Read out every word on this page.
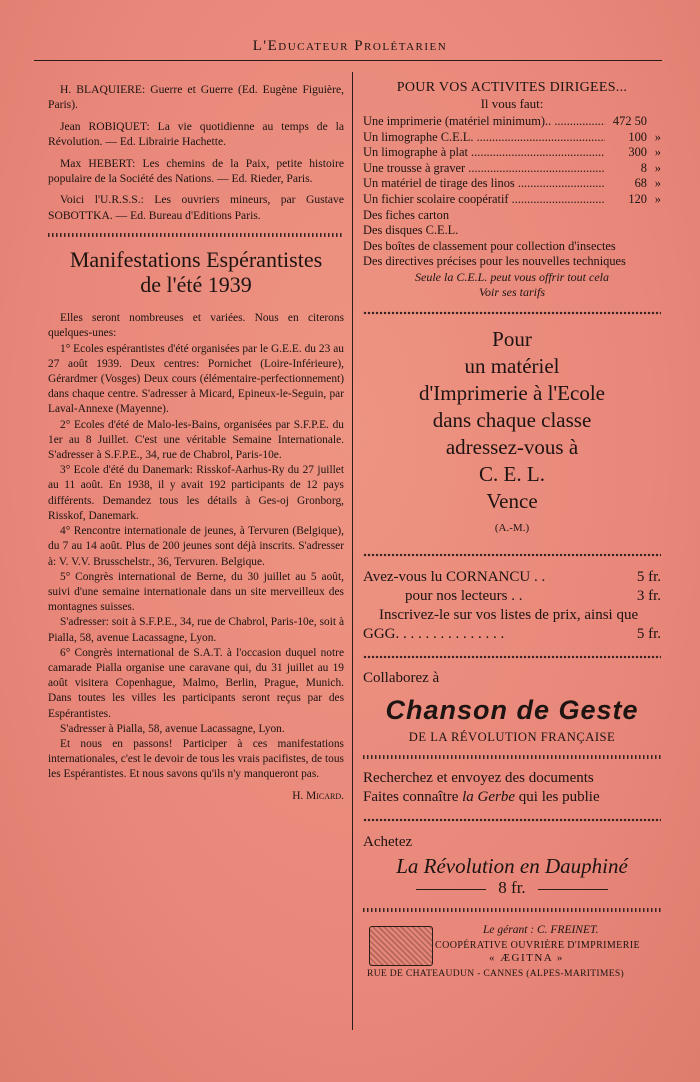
L'Educateur Prolétarien

H. BLAQUIERE: Guerre et Guerre (Ed. Eugène Figuière, Paris).

Jean ROBIQUET: La vie quotidienne au temps de la Révolution. — Ed. Librairie Hachette.

Max HEBERT: Les chemins de la Paix, petite histoire populaire de la Société des Nations. — Ed. Rieder, Paris.

Voici l'U.R.S.S.: Les ouvriers mineurs, par Gustave SOBOTTKA. — Ed. Bureau d'Editions Paris.

Manifestations Espérantistes
de l'été 1939

Elles seront nombreuses et variées. Nous en citerons quelques-unes:

1° Ecoles espérantistes d'été organisées par le G.E.E. du 23 au 27 août 1939. Deux centres: Pornichet (Loire-Inférieure), Gérardmer (Vosges) Deux cours (élémentaire-perfectionnement) dans chaque centre. S'adresser à Micard, Epineux-le-Seguin, par Laval-Annexe (Mayenne).

2° Ecoles d'été de Malo-les-Bains, organisées par S.F.P.E. du 1er au 8 Juillet. C'est une véritable Semaine Internationale. S'adresser à S.F.P.E., 34, rue de Chabrol, Paris-10e.

3° Ecole d'été du Danemark: Risskof-Aarhus-Ry du 27 juillet au 11 août. En 1938, il y avait 192 participants de 12 pays différents. Demandez tous les détails à Ges-oj Gronborg, Risskof, Danemark.

4° Rencontre internationale de jeunes, à Tervuren (Belgique), du 7 au 14 août. Plus de 200 jeunes sont déjà inscrits. S'adresser à: V. V.V. Brusschelstr., 36, Tervuren. Belgique.

5° Congrès international de Berne, du 30 juillet au 5 août, suivi d'une semaine internationale dans un site merveilleux des montagnes suisses.

S'adresser: soit à S.F.P.E., 34, rue de Chabrol, Paris-10e, soit à Pialla, 58, avenue Lacassagne, Lyon.

6° Congrès international de S.A.T. à l'occasion duquel notre camarade Pialla organise une caravane qui, du 31 juillet au 19 août visitera Copenhague, Malmo, Berlin, Prague, Munich. Dans toutes les villes les participants seront reçus par des Espérantistes.

S'adresser à Pialla, 58, avenue Lacassagne, Lyon.

Et nous en passons! Participer à ces manifestations internationales, c'est le devoir de tous les vrais pacifistes, de tous les Espérantistes. Et nous savons qu'ils n'y manqueront pas.

H. Micard.
POUR VOS ACTIVITES DIRIGEES...
Il vous faut:
Une imprimerie (matériel minimum).. .....	472 50
Un limographe C.E.L. .....	100 »
Un limographe à plat .....	300 »
Une trousse à graver .....	8 »
Un matériel de tirage des linos .....	68 »
Un fichier scolaire coopératif .....	120 »
Des fiches carton
Des disques C.E.L.
Des boîtes de classement pour collection d'insectes
Des directives précises pour les nouvelles techniques
Seule la C.E.L. peut vous offrir tout cela
Voir ses tarifs
Pour
un matériel
d'Imprimerie à l'Ecole
dans chaque classe
adressez-vous à
C. E. L.
Vence
(A.-M.)
Avez-vous lu CORNANCU . .	5 fr.
pour nos lecteurs . .	3 fr.
Inscrivez-le sur vos listes de prix, ainsi que
GGG. . . . . . . . . . . . . . .	5 fr.
Collaborez à
Chanson de Geste
DE LA RÉVOLUTION FRANÇAISE
Recherchez et envoyez des documents
Faites connaître la Gerbe qui les publie
Achetez
La Révolution en Dauphiné
8 fr.
Le gérant : C. FREINET.
COOPÉRATIVE OUVRIÈRE D'IMPRIMERIE
« ÆGITNA »
RUE DE CHATEAUDUN - CANNES (ALPES-MARITIMES)
